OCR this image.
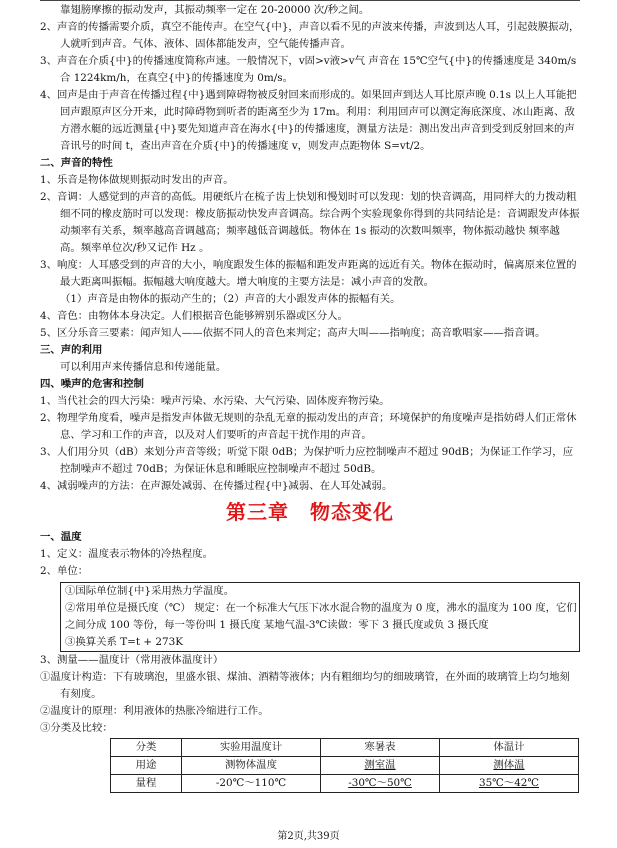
靠翅膀摩擦的振动发声，其振动频率一定在 20-20000 次/秒之间。

2、声音的传播需要介质，真空不能传声。在空气{中}，声音以看不见的声波来传播，声波到达人耳，引起鼓膜振动，人就听到声音。气体、液体、固体都能发声，空气能传播声音。

3、声音在介质{中}的传播速度简称声速。一般情况下，v固>v液>v气 声音在 15℃空气{中}的传播速度是 340m/s 合 1224km/h，在真空{中}的传播速度为 0m/s。

4、回声是由于声音在传播过程{中}遇到障碍物被反射回来而形成的。如果回声到达人耳比原声晚 0.1s 以上人耳能把回声跟原声区分开来，此时障碍物到听者的距离至少为 17m。利用：利用回声可以测定海底深度、冰山距离、敌方潜水艇的远近测量{中}要先知道声音在海水{中}的传播速度，测量方法是：测出发出声音到受到反射回来的声音讯号的时间 t，查出声音在介质{中}的传播速度 v，则发声点距物体 S=vt/2。

二、声音的特性

1、乐音是物体做规则振动时发出的声音。

2、音调：人感觉到的声音的高低。用硬纸片在梳子齿上快划和慢划时可以发现：划的快音调高，用同样大的力拨动粗细不同的橡皮筋时可以发现：橡皮筋振动快发声音调高。综合两个实验现象你得到的共同结论是：音调跟发声体振动频率有关系，频率越高音调越高；频率越低音调越低。物体在 1s 振动的次数叫频率，物体振动越快 频率越高。频率单位次/秒又记作 Hz 。

3、响度：人耳感受到的声音的大小，响度跟发生体的振幅和距发声距离的远近有关。物体在振动时，偏离原来位置的最大距离叫振幅。振幅越大响度越大。增大响度的主要方法是：减小声音的发散。

（1）声音是由物体的振动产生的；（2）声音的大小跟发声体的振幅有关。

4、音色：由物体本身决定。人们根据音色能够辨别乐器或区分人。

5、区分乐音三要素：闻声知人——依据不同人的音色来判定；高声大叫——指响度；高音歌唱家——指音调。

三、声的利用

可以利用声来传播信息和传递能量。

四、噪声的危害和控制

1、当代社会的四大污染：噪声污染、水污染、大气污染、固体废弃物污染。

2、物理学角度看，噪声是指发声体做无规则的杂乱无章的振动发出的声音；环境保护的角度噪声是指妨碍人们正常休息、学习和工作的声音，以及对人们要听的声音起干扰作用的声音。

3、人们用分贝（dB）来划分声音等级；听觉下限 0dB；为保护听力应控制噪声不超过 90dB；为保证工作学习，应控制噪声不超过 70dB；为保证休息和睡眠应控制噪声不超过 50dB。

4、减弱噪声的方法：在声源处减弱、在传播过程{中}减弱、在人耳处减弱。

第三章　物态变化

一、温度

1、定义：温度表示物体的冷热程度。

2、单位：

①国际单位制{中}采用热力学温度。

②常用单位是摄氏度（℃） 规定：在一个标准大气压下冰水混合物的温度为 0 度，沸水的温度为 100 度，它们之间分成 100 等份，每一等份叫 1 摄氏度 某地气温-3℃读做：零下 3 摄氏度或负 3 摄氏度

③换算关系 T=t + 273K

3、测量——温度计（常用液体温度计）

①温度计构造：下有玻璃泡，里盛水银、煤油、酒精等液体；内有粗细均匀的细玻璃管，在外面的玻璃管上均匀地刻有刻度。

②温度计的原理：利用液体的热胀冷缩进行工作。

③分类及比较：

分类	实验用温度计	寒暑表	体温计
用途	测物体温度	测室温	测体温
量程	-20℃～110℃	-30℃～50℃	35℃～42℃
第2页,共39页
